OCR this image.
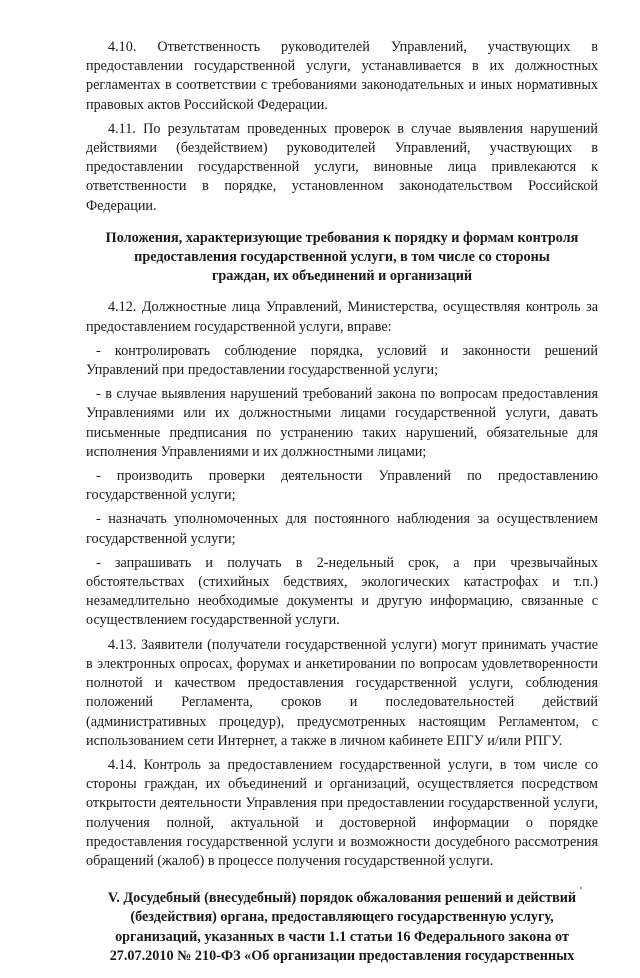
4.10. Ответственность руководителей Управлений, участвующих в предоставлении государственной услуги, устанавливается в их должностных регламентах в соответствии с требованиями законодательных и иных нормативных правовых актов Российской Федерации.

4.11. По результатам проведенных проверок в случае выявления нарушений действиями (бездействием) руководителей Управлений, участвующих в предоставлении государственной услуги, виновные лица привлекаются к ответственности в порядке, установленном законодательством Российской Федерации.

Положения, характеризующие требования к порядку и формам контроля предоставления государственной услуги, в том числе со стороны граждан, их объединений и организаций

4.12. Должностные лица Управлений, Министерства, осуществляя контроль за предоставлением государственной услуги, вправе:

- контролировать соблюдение порядка, условий и законности решений Управлений при предоставлении государственной услуги;

- в случае выявления нарушений требований закона по вопросам предоставления Управлениями или их должностными лицами государственной услуги, давать письменные предписания по устранению таких нарушений, обязательные для исполнения Управлениями и их должностными лицами;

- производить проверки деятельности Управлений по предоставлению государственной услуги;

- назначать уполномоченных для постоянного наблюдения за осуществлением государственной услуги;

- запрашивать и получать в 2-недельный срок, а при чрезвычайных обстоятельствах (стихийных бедствиях, экологических катастрофах и т.п.) незамедлительно необходимые документы и другую информацию, связанные с осуществлением государственной услуги.

4.13. Заявители (получатели государственной услуги) могут принимать участие в электронных опросах, форумах и анкетировании по вопросам удовлетворенности полнотой и качеством предоставления государственной услуги, соблюдения положений Регламента, сроков и последовательностей действий (административных процедур), предусмотренных настоящим Регламентом, с использованием сети Интернет, а также в личном кабинете ЕПГУ и/или РПГУ.

4.14. Контроль за предоставлением государственной услуги, в том числе со стороны граждан, их объединений и организаций, осуществляется посредством открытости деятельности Управления при предоставлении государственной услуги, получения полной, актуальной и достоверной информации о порядке предоставления государственной услуги и возможности досудебного рассмотрения обращений (жалоб) в процессе получения государственной услуги.

V. Досудебный (внесудебный) порядок обжалования решений и действий (бездействия) органа, предоставляющего государственную услугу, организаций, указанных в части 1.1 статьи 16 Федерального закона от 27.07.2010 № 210-ФЗ «Об организации предоставления государственных
